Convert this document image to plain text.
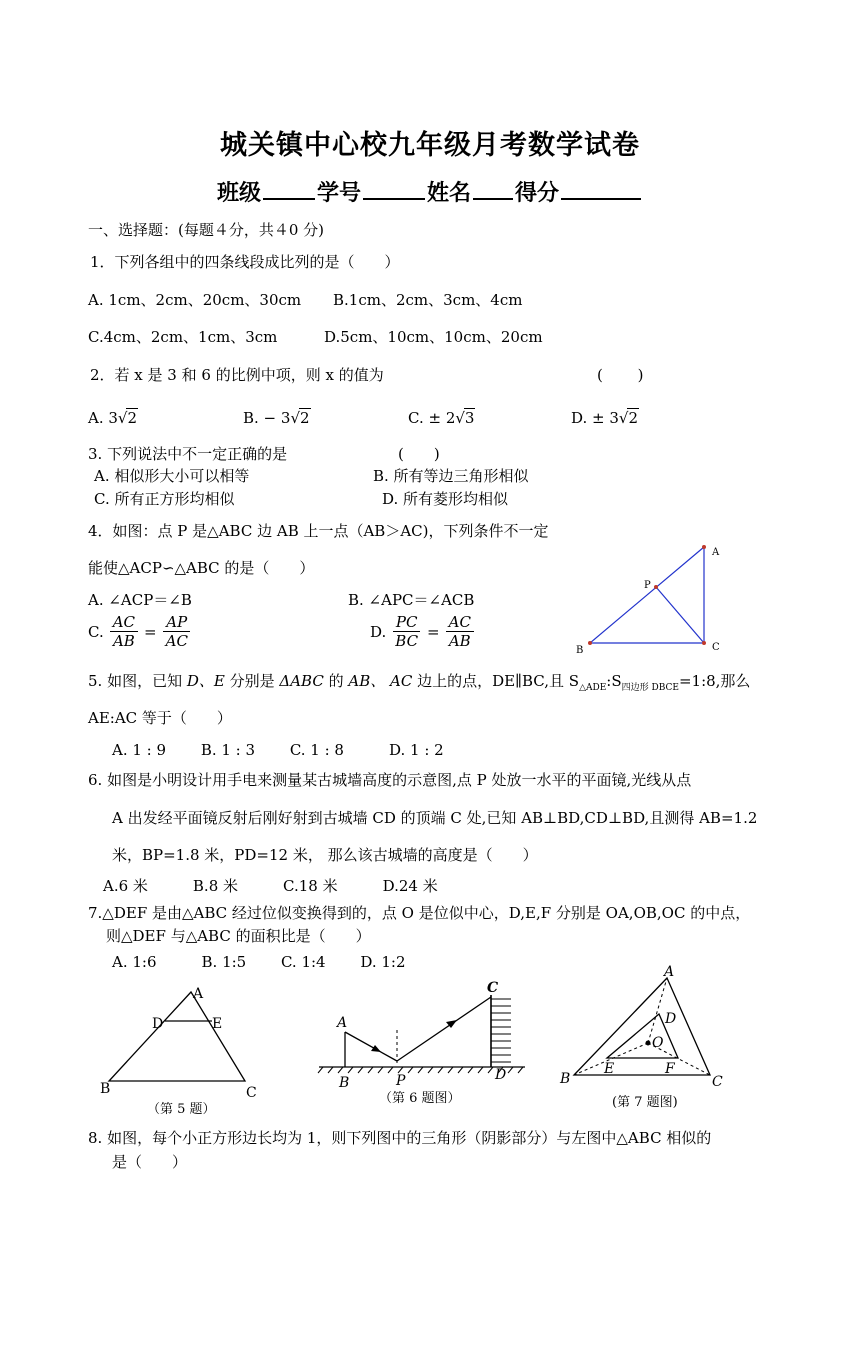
城关镇中心校九年级月考数学试卷
班级	学号	姓名 得分
一、选择题：(每题４分，共４0 分)
1．下列各组中的四条线段成比列的是（　　）
A. 1cm、2cm、20cm、30cm B.1cm、2cm、3cm、4cm
C.4cm、2cm、1cm、3cm	D.5cm、10cm、10cm、20cm
2．若 x 是 3 和 6 的比例中项，则 x 的值为	(　　 )
A. 3√2	B. − 3√2	C. ± 2√3	D. ± 3√2
3. 下列说法中不一定正确的是	(　　)
A. 相似形大小可以相等	B. 所有等边三角形相似
C. 所有正方形均相似	D. 所有菱形均相似
4．如图：点 P 是△ABC 边 AB 上一点（AB＞AC)，下列条件不一定
能使△ACP∽△ABC 的是（　　）
A. ∠ACP＝∠B	B. ∠APC＝∠ACB
C. $\frac{AC}{AB} = \frac{AP}{AC}$	D. $\frac{PC}{BC} = \frac{AC}{AB}$
A
P
B	C
5. 如图，已知 D、E 分别是 ΔABC 的 AB、 AC 边上的点，DE∥BC,且 $S_{\triangle ADE}:S_{四边形 DBCE}=1:8$,那么
AE:AC 等于（　　）
A. 1 : 9　　 B. 1 : 3　　 C. 1 : 8　　　D. 1 : 2
6. 如图是小明设计用手电来测量某古城墙高度的示意图,点 P 处放一水平的平面镜,光线从点
A 出发经平面镜反射后刚好射到古城墙 CD 的顶端 C 处,已知 AB⊥BD,CD⊥BD,且测得 AB=1.2
米，BP=1.8 米，PD=12 米， 那么该古城墙的高度是（　　）
A.6 米　　　B.8 米　　　C.18 米　　　D.24 米
7.△DEF 是由△ABC 经过位似变换得到的，点 O 是位似中心，D,E,F 分别是 OA,OB,OC 的中点，
则△DEF 与△ABC 的面积比是（　　）
A. 1:6　　　B. 1:5　　 C. 1:4　　 D. 1:2
A
D	E
B	C
（第 5 题）
A
B	P
C
D
（第 6 题图）
A
D
O
E	F
B	C
(第 7 题图)
8. 如图，每个小正方形边长均为 1，则下列图中的三角形（阴影部分）与左图中△ABC 相似的
是（　　）
